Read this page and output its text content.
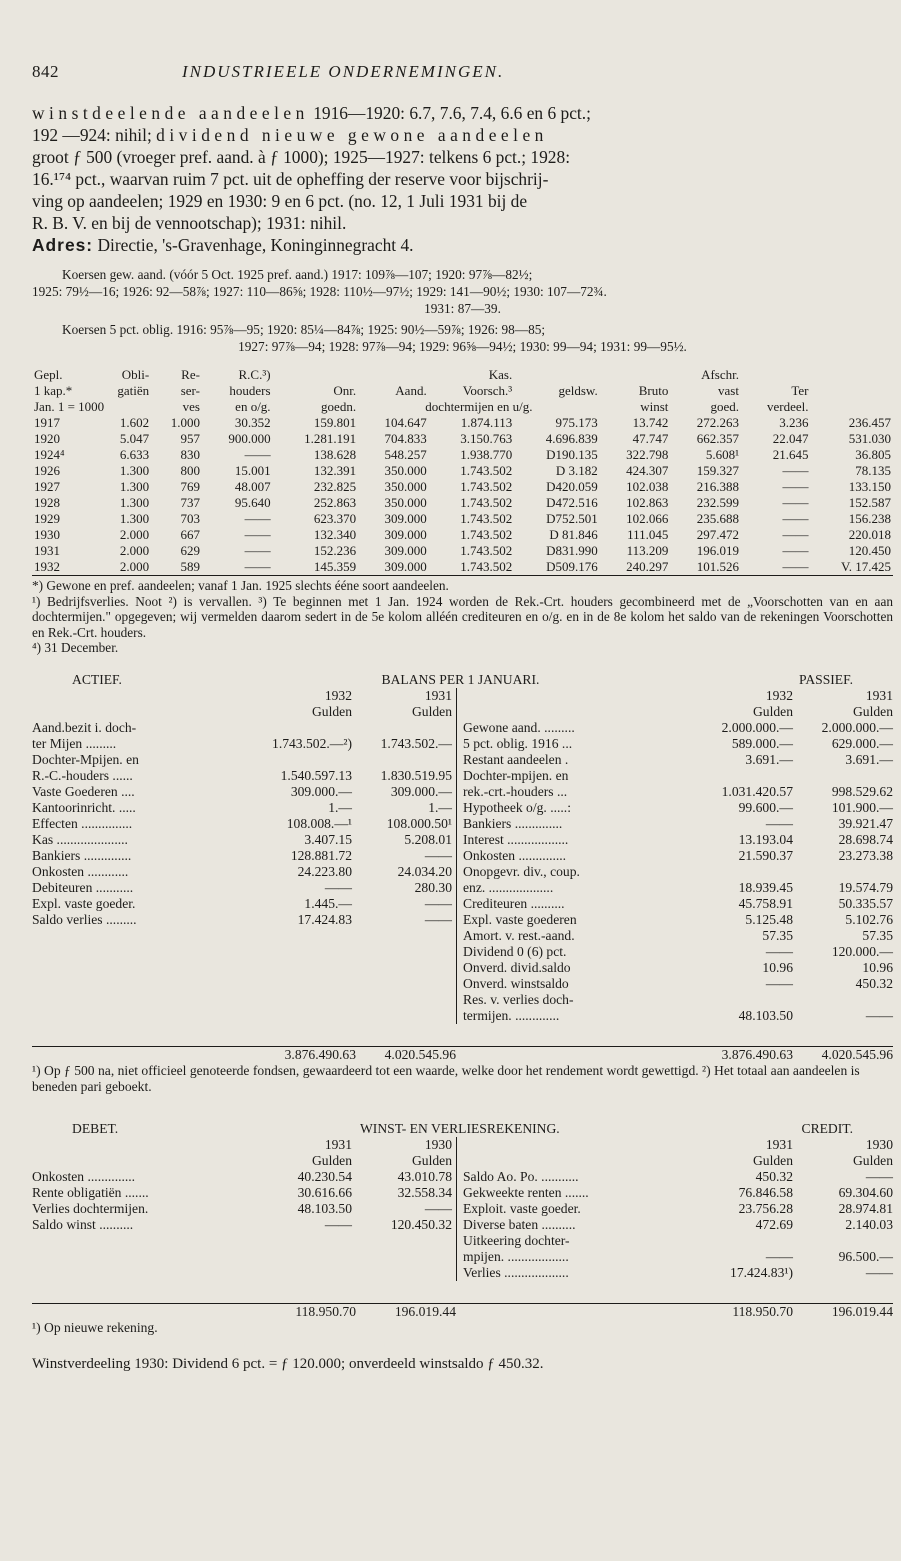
842	INDUSTRIEELE ONDERNEMINGEN.
winstdeelende aandeelen 1916—1920: 6.7, 7.6, 7.4, 6.6 en 6 pct.;
192 —924: nihil; dividend nieuwe gewone aandeelen
groot ƒ 500 (vroeger pref. aand. à ƒ 1000); 1925—1927: telkens 6 pct.; 1928:
16.¹⁷⁴ pct., waarvan ruim 7 pct. uit de opheffing der reserve voor bijschrij-
ving op aandeelen; 1929 en 1930: 9 en 6 pct. (no. 12, 1 Juli 1931 bij de
R. B. V. en bij de vennootschap); 1931: nihil.
Adres: Directie, 's-Gravenhage, Koninginnegracht 4.
Koersen gew. aand. (vóór 5 Oct. 1925 pref. aand.) 1917: 109⅞—107; 1920: 97⅞—82½;
1925: 79½—16; 1926: 92—58⅞; 1927: 110—86⅝; 1928: 110½—97½; 1929: 141—90½; 1930: 107—72¾.
1931: 87—39.
Koersen 5 pct. oblig. 1916: 95⅞—95; 1920: 85¼—84⅞; 1925: 90½—59⅞; 1926: 98—85;
1927: 97⅞—94; 1928: 97⅞—94; 1929: 96⅝—94½; 1930: 99—94; 1931: 99—95½.
Gepl.	Obli-	Re-	R.C.³)			Kas.			Afschr.		
1 kap.*	gatiën	ser-	houders	Onr.	Aand.	Voorsch.³	geldsw.	Bruto	vast	Ter	
Jan. 1 = 1000		ves	en o/g.	goedn.	dochtermijen en u/g.			winst	goed.	verdeel.	
1917	1.602	1.000	30.352	159.801	104.647	1.874.113	975.173	13.742	272.263	3.236	236.457
1920	5.047	957	900.000	1.281.191	704.833	3.150.763	4.696.839	47.747	662.357	22.047	531.030
1924⁴	6.633	830	——	138.628	548.257	1.938.770	D190.135	322.798	5.608¹	21.645	36.805
1926	1.300	800	15.001	132.391	350.000	1.743.502	D 3.182	424.307	159.327	——	78.135
1927	1.300	769	48.007	232.825	350.000	1.743.502	D420.059	102.038	216.388	——	133.150
1928	1.300	737	95.640	252.863	350.000	1.743.502	D472.516	102.863	232.599	——	152.587
1929	1.300	703	——	623.370	309.000	1.743.502	D752.501	102.066	235.688	——	156.238
1930	2.000	667	——	132.340	309.000	1.743.502	D 81.846	111.045	297.472	——	220.018
1931	2.000	629	——	152.236	309.000	1.743.502	D831.990	113.209	196.019	——	120.450
1932	2.000	589	——	145.359	309.000	1.743.502	D509.176	240.297	101.526	——	V. 17.425
*) Gewone en pref. aandeelen; vanaf 1 Jan. 1925 slechts ééne soort aandeelen.
¹) Bedrijfsverlies. Noot ²) is vervallen. ³) Te beginnen met 1 Jan. 1924 worden de Rek.-Crt. houders gecombineerd met de „Voorschotten van en aan dochtermijen." opgegeven; wij vermelden daarom sedert in de 5e kolom alléén crediteuren en o/g. en in de 8e kolom het saldo van de rekeningen Voorschotten en Rek.-Crt. houders.
⁴) 31 December.
ACTIEF.	BALANS PER 1 JANUARI.	PASSIEF.
1932	1931
Gulden	Gulden
Aand.bezit i. doch-
ter Mijen .........	1.743.502.—²)	1.743.502.—
Dochter-Mpijen. en
R.-C.-houders ......	1.540.597.13	1.830.519.95
Vaste Goederen ....	309.000.—	309.000.—
Kantoorinricht. .....	1.—	1.—
Effecten ...............	108.008.—¹	108.000.50¹
Kas .....................	3.407.15	5.208.01
Bankiers ..............	128.881.72	——
Onkosten ............	24.223.80	24.034.20
Debiteuren ...........	——	280.30
Expl. vaste goeder.	1.445.—	——
Saldo verlies .........	17.424.83	——
1932	1931
Gulden	Gulden
Gewone aand. .........	2.000.000.—	2.000.000.—
5 pct. oblig. 1916 ...	589.000.—	629.000.—
Restant aandeelen .	3.691.—	3.691.—
Dochter-mpijen. en
rek.-crt.-houders ...	1.031.420.57	998.529.62
Hypotheek o/g. .....:	99.600.—	101.900.—
Bankiers ..............	——	39.921.47
Interest ..................	13.193.04	28.698.74
Onkosten ..............	21.590.37	23.273.38
Onopgevr. div., coup.
enz. ...................	18.939.45	19.574.79
Crediteuren ..........	45.758.91	50.335.57
Expl. vaste goederen	5.125.48	5.102.76
Amort. v. rest.-aand.	57.35	57.35
Dividend 0 (6) pct.	——	120.000.—
Onverd. divid.saldo	10.96	10.96
Onverd. winstsaldo	——	450.32
Res. v. verlies doch-
termijen. .............	48.103.50	——
3.876.490.63	4.020.545.96	3.876.490.63	4.020.545.96
¹) Op ƒ 500 na, niet officieel genoteerde fondsen, gewaardeerd tot een waarde, welke door het rendement wordt gewettigd. ²) Het totaal aan aandeelen is beneden pari geboekt.
DEBET.	WINST- EN VERLIESREKENING.	CREDIT.
1931	1930
Gulden	Gulden
Onkosten ..............	40.230.54	43.010.78
Rente obligatiën .......	30.616.66	32.558.34
Verlies dochtermijen.	48.103.50	——
Saldo winst ..........	——	120.450.32
1931	1930
Gulden	Gulden
Saldo Ao. Po. ...........	450.32	——
Gekweekte renten .......	76.846.58	69.304.60
Exploit. vaste goeder.	23.756.28	28.974.81
Diverse baten ..........	472.69	2.140.03
Uitkeering dochter-
mpijen. ..................	——	96.500.—
Verlies ...................	17.424.83¹)	——
118.950.70	196.019.44	118.950.70	196.019.44
¹) Op nieuwe rekening.
Winstverdeeling 1930: Dividend 6 pct. = ƒ 120.000; onverdeeld winstsaldo ƒ 450.32.
